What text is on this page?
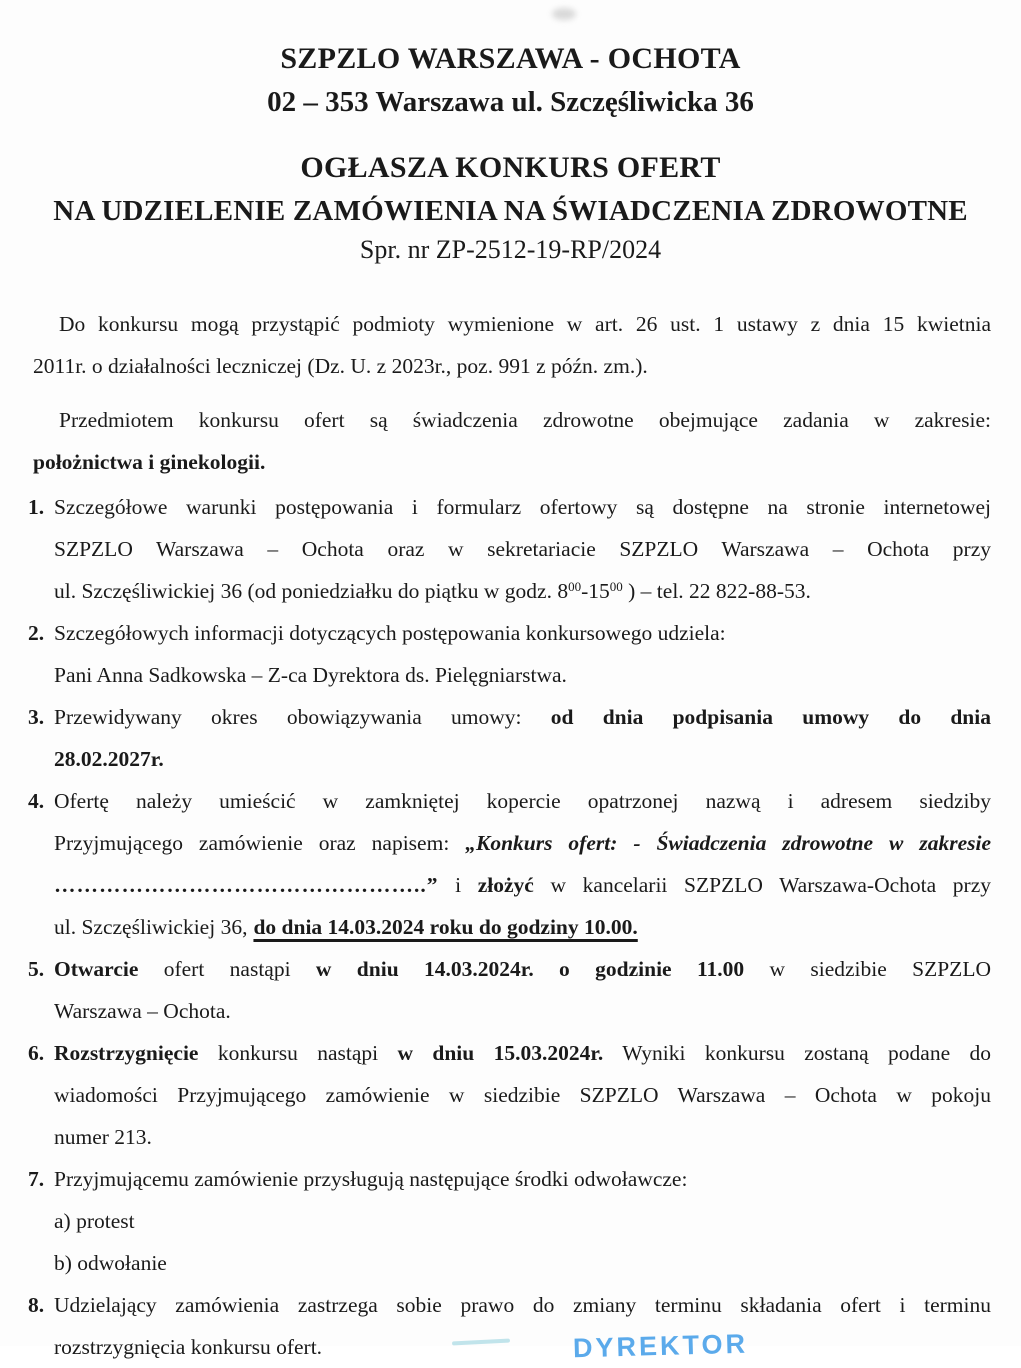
SZPZLO WARSZAWA - OCHOTA
02 – 353 Warszawa ul. Szczęśliwicka 36
OGŁASZA KONKURS OFERT
NA UDZIELENIE ZAMÓWIENIA NA ŚWIADCZENIA ZDROWOTNE
Spr. nr ZP-2512-19-RP/2024
Do konkursu mogą przystąpić podmioty wymienione w art. 26 ust. 1 ustawy z dnia 15 kwietnia
2011r. o działalności leczniczej (Dz. U. z 2023r., poz. 991 z późn. zm.).
Przedmiotem konkursu ofert są świadczenia zdrowotne obejmujące zadania w zakresie:
położnictwa i ginekologii.
1. Szczegółowe warunki postępowania i formularz ofertowy są dostępne na stronie internetowej
SZPZLO Warszawa – Ochota oraz w sekretariacie SZPZLO Warszawa – Ochota przy
ul. Szczęśliwickiej 36 (od poniedziałku do piątku w godz. $8^{00}-15^{00}$ ) – tel. 22 822-88-53.
2. Szczegółowych informacji dotyczących postępowania konkursowego udziela:
Pani Anna Sadkowska – Z-ca Dyrektora ds. Pielęgniarstwa.
3. Przewidywany okres obowiązywania umowy: od dnia podpisania umowy do dnia
28.02.2027r.
4. Ofertę należy umieścić w zamkniętej kopercie opatrzonej nazwą i adresem siedziby
Przyjmującego zamówienie oraz napisem: „Konkurs ofert: - Świadczenia zdrowotne w zakresie
…………………………………………..” i złożyć w kancelarii SZPZLO Warszawa-Ochota przy
ul. Szczęśliwickiej 36, do dnia 14.03.2024 roku do godziny 10.00.
5. Otwarcie ofert nastąpi w dniu 14.03.2024r. o godzinie 11.00 w siedzibie SZPZLO
Warszawa – Ochota.
6. Rozstrzygnięcie konkursu nastąpi w dniu 15.03.2024r. Wyniki konkursu zostaną podane do
wiadomości Przyjmującego zamówienie w siedzibie SZPZLO Warszawa – Ochota w pokoju
numer 213.
7. Przyjmującemu zamówienie przysługują następujące środki odwoławcze:
a) protest
b) odwołanie
8. Udzielający zamówienia zastrzega sobie prawo do zmiany terminu składania ofert i terminu
rozstrzygnięcia konkursu ofert.	DYREKTOR
